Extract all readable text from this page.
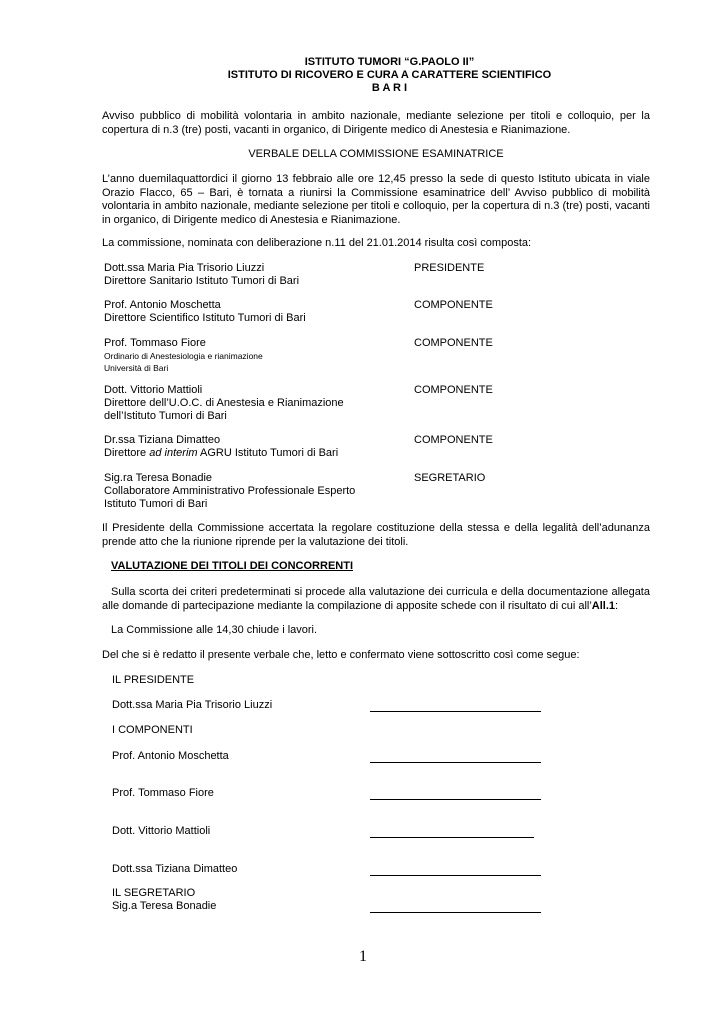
ISTITUTO TUMORI “G.PAOLO II”
ISTITUTO DI RICOVERO E CURA A CARATTERE SCIENTIFICO
B A R I
Avviso pubblico di mobilità volontaria in ambito nazionale, mediante selezione per titoli e colloquio, per la copertura di n.3 (tre) posti, vacanti in organico, di Dirigente medico di Anestesia e Rianimazione.
VERBALE DELLA COMMISSIONE ESAMINATRICE
L’anno duemilaquattordici il giorno 13 febbraio alle ore 12,45 presso la sede di questo Istituto ubicata in viale Orazio Flacco, 65 – Bari, è tornata a riunirsi la Commissione esaminatrice dell’ Avviso pubblico di mobilità volontaria in ambito nazionale, mediante selezione per titoli e colloquio, per la copertura di n.3 (tre) posti, vacanti in organico, di Dirigente medico di Anestesia e Rianimazione.
La commissione, nominata con deliberazione n.11 del 21.01.2014 risulta così composta:
Dott.ssa Maria Pia Trisorio Liuzzi
Direttore Sanitario Istituto Tumori di Bari
PRESIDENTE
Prof. Antonio Moschetta
Direttore Scientifico Istituto Tumori di Bari
COMPONENTE
Prof. Tommaso Fiore
Ordinario di Anestesiologia e rianimazione
Università di Bari
COMPONENTE
Dott. Vittorio Mattioli
Direttore dell’U.O.C. di Anestesia e Rianimazione
dell’Istituto Tumori di Bari
COMPONENTE
Dr.ssa Tiziana Dimatteo
Direttore ad interim AGRU Istituto Tumori di Bari
COMPONENTE
Sig.ra Teresa Bonadie
Collaboratore Amministrativo Professionale Esperto
Istituto Tumori di Bari
SEGRETARIO
Il Presidente della Commissione accertata la regolare costituzione della stessa e della legalità dell’adunanza prende atto che la riunione riprende per la valutazione dei titoli.
VALUTAZIONE DEI TITOLI DEI CONCORRENTI
Sulla scorta dei criteri predeterminati si procede alla valutazione dei curricula e della documentazione allegata alle domande di partecipazione mediante la compilazione di apposite schede con il risultato di cui all’All.1:
La Commissione alle 14,30 chiude i lavori.
Del che si è redatto il presente verbale che, letto e confermato viene sottoscritto così come segue:
IL PRESIDENTE
Dott.ssa Maria Pia Trisorio Liuzzi
I COMPONENTI
Prof. Antonio Moschetta
Prof. Tommaso Fiore
Dott. Vittorio Mattioli
Dott.ssa Tiziana Dimatteo
IL SEGRETARIO
Sig.a Teresa Bonadie
1
